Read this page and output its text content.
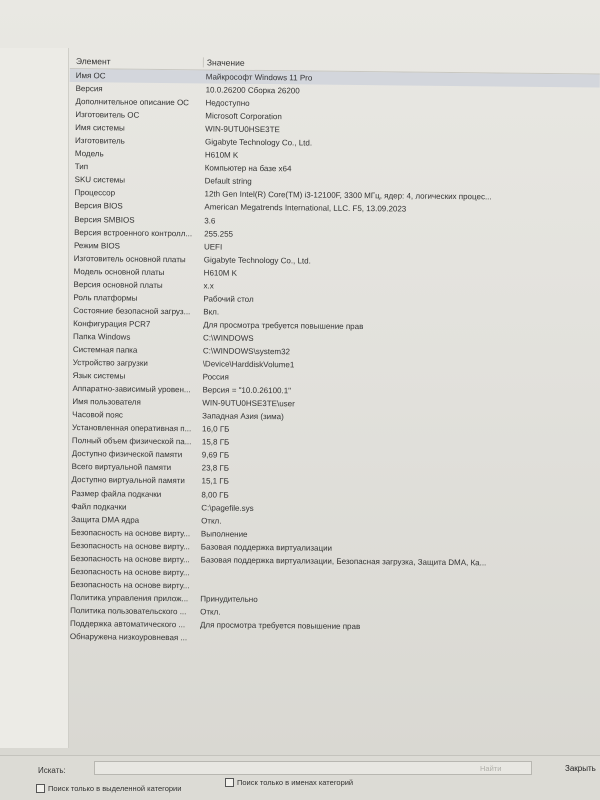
Элемент	Значение
Имя ОС	Майкрософт Windows 11 Pro
Версия	10.0.26200 Сборка 26200
Дополнительное описание ОС	Недоступно
Изготовитель ОС	Microsoft Corporation
Имя системы	WIN-9UTU0HSE3TE
Изготовитель	Gigabyte Technology Co., Ltd.
Модель	H610M K
Тип	Компьютер на базе x64
SKU системы	Default string
Процессор	12th Gen Intel(R) Core(TM) i3-12100F, 3300 МГц, ядер: 4, логических процес...
Версия BIOS	American Megatrends International, LLC. F5, 13.09.2023
Версия SMBIOS	3.6
Версия встроенного контролл...	255.255
Режим BIOS	UEFI
Изготовитель основной платы	Gigabyte Technology Co., Ltd.
Модель основной платы	H610M K
Версия основной платы	x.x
Роль платформы	Рабочий стол
Состояние безопасной загруз...	Вкл.
Конфигурация PCR7	Для просмотра требуется повышение прав
Папка Windows	C:\WINDOWS
Системная папка	C:\WINDOWS\system32
Устройство загрузки	\Device\HarddiskVolume1
Язык системы	Россия
Аппаратно-зависимый уровен...	Версия = "10.0.26100.1"
Имя пользователя	WIN-9UTU0HSE3TE\user
Часовой пояс	Западная Азия (зима)
Установленная оперативная п...	16,0 ГБ
Полный объем физической па...	15,8 ГБ
Доступно физической памяти	9,69 ГБ
Всего виртуальной памяти	23,8 ГБ
Доступно виртуальной памяти	15,1 ГБ
Размер файла подкачки	8,00 ГБ
Файл подкачки	C:\pagefile.sys
Защита DMA ядра	Откл.
Безопасность на основе вирту...	Выполнение
Безопасность на основе вирту...	Базовая поддержка виртуализации
Безопасность на основе вирту...	Базовая поддержка виртуализации, Безопасная загрузка, Защита DMA, Ка...
Безопасность на основе вирту...
Безопасность на основе вирту...
Политика управления прилож...	Принудительно
Политика пользовательского ...	Откл.
Поддержка автоматического ...	Для просмотра требуется повышение прав
Обнаружена низкоуровневая ...
Искать:	Найти	Закрыть
Поиск только в выделенной категории
Поиск только в именах категорий
